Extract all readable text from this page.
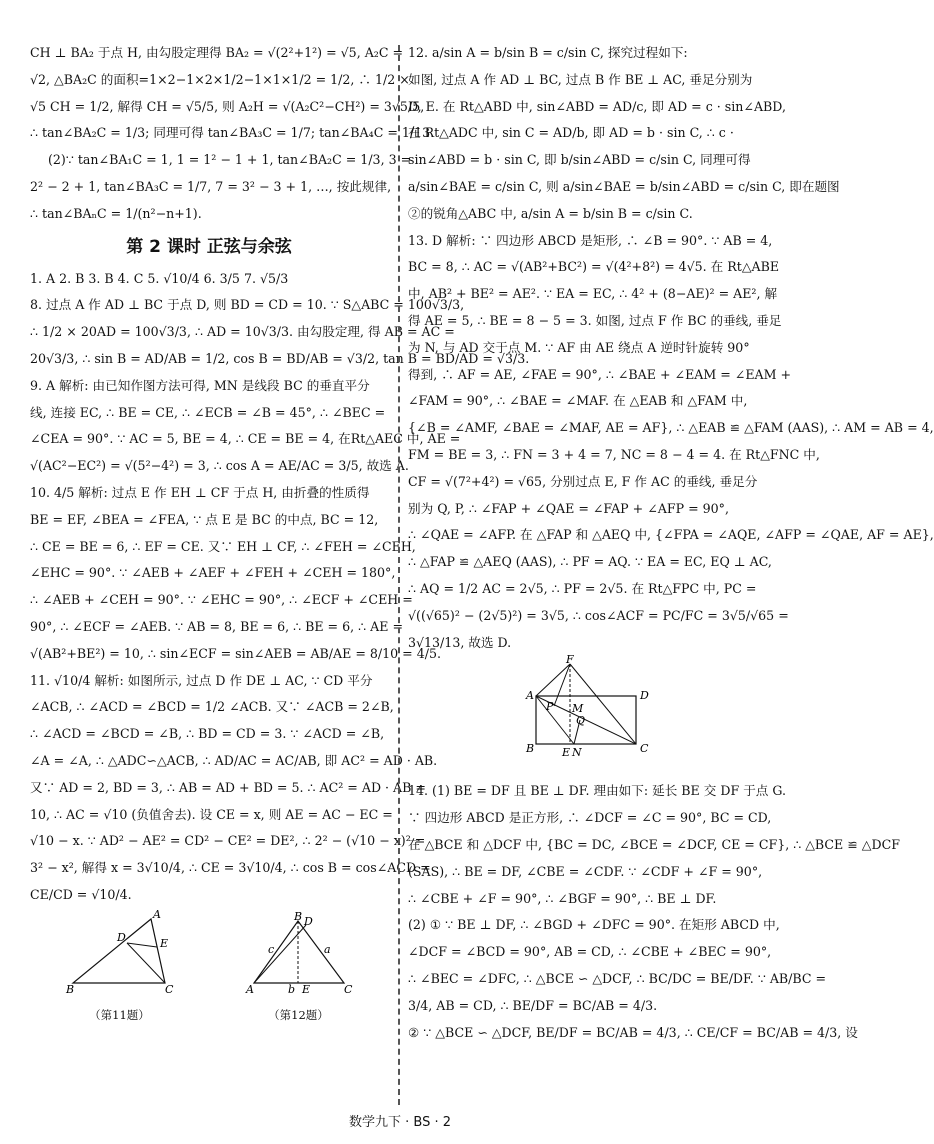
CH ⊥ BA₂ 于点 H, 由勾股定理得 BA₂ = √(2²+1²) = √5, A₂C =
√2, △BA₂C 的面积=1×2−1×2×1/2−1×1×1/2 = 1/2, ∴ 1/2 ×
√5 CH = 1/2, 解得 CH = √5/5, 则 A₂H = √(A₂C²−CH²) = 3√5/5,
∴ tan∠BA₂C = 1/3; 同理可得 tan∠BA₃C = 1/7; tan∠BA₄C = 1/13.
(2)∵ tan∠BA₁C = 1, 1 = 1² − 1 + 1, tan∠BA₂C = 1/3, 3 =
2² − 2 + 1, tan∠BA₃C = 1/7, 7 = 3² − 3 + 1, …, 按此规律,
∴ tan∠BAₙC = 1/(n²−n+1).
第 2 课时 正弦与余弦
1. A 2. B 3. B 4. C 5. √10/4 6. 3/5 7. √5/3
8. 过点 A 作 AD ⊥ BC 于点 D, 则 BD = CD = 10. ∵ S△ABC = 100√3/3,
∴ 1/2 × 20AD = 100√3/3, ∴ AD = 10√3/3. 由勾股定理, 得 AB = AC =
20√3/3, ∴ sin B = AD/AB = 1/2, cos B = BD/AB = √3/2, tan B = BD/AD = √3/3.
9. A 解析: 由已知作图方法可得, MN 是线段 BC 的垂直平分
线, 连接 EC, ∴ BE = CE, ∴ ∠ECB = ∠B = 45°, ∴ ∠BEC =
∠CEA = 90°. ∵ AC = 5, BE = 4, ∴ CE = BE = 4, 在Rt△AEC 中, AE =
√(AC²−EC²) = √(5²−4²) = 3, ∴ cos A = AE/AC = 3/5, 故选 A.
10. 4/5 解析: 过点 E 作 EH ⊥ CF 于点 H, 由折叠的性质得
BE = EF, ∠BEA = ∠FEA, ∵ 点 E 是 BC 的中点, BC = 12,
∴ CE = BE = 6, ∴ EF = CE. 又∵ EH ⊥ CF, ∴ ∠FEH = ∠CEH,
∠EHC = 90°. ∵ ∠AEB + ∠AEF + ∠FEH + ∠CEH = 180°,
∴ ∠AEB + ∠CEH = 90°. ∵ ∠EHC = 90°, ∴ ∠ECF + ∠CEH =
90°, ∴ ∠ECF = ∠AEB. ∵ AB = 8, BE = 6, ∴ BE = 6, ∴ AE =
√(AB²+BE²) = 10, ∴ sin∠ECF = sin∠AEB = AB/AE = 8/10 = 4/5.
11. √10/4 解析: 如图所示, 过点 D 作 DE ⊥ AC, ∵ CD 平分
∠ACB, ∴ ∠ACD = ∠BCD = 1/2 ∠ACB. 又∵ ∠ACB = 2∠B,
∴ ∠ACD = ∠BCD = ∠B, ∴ BD = CD = 3. ∵ ∠ACD = ∠B,
∠A = ∠A, ∴ △ADC∽△ACB, ∴ AD/AC = AC/AB, 即 AC² = AD · AB.
又∵ AD = 2, BD = 3, ∴ AB = AD + BD = 5. ∴ AC² = AD · AB =
10, ∴ AC = √10 (负值舍去). 设 CE = x, 则 AE = AC − EC =
√10 − x. ∵ AD² − AE² = CD² − CE² = DE², ∴ 2² − (√10 − x)² =
3² − x², 解得 x = 3√10/4, ∴ CE = 3√10/4, ∴ cos B = cos∠ACD =
CE/CD = √10/4.
A
B	C
D	E
（第11题）
B D
A	C
c	a
b E
（第12题）
12. a/sin A = b/sin B = c/sin C, 探究过程如下:
如图, 过点 A 作 AD ⊥ BC, 过点 B 作 BE ⊥ AC, 垂足分别为
D, E. 在 Rt△ABD 中, sin∠ABD = AD/c, 即 AD = c · sin∠ABD,
在 Rt△ADC 中, sin C = AD/b, 即 AD = b · sin C, ∴ c ·
sin∠ABD = b · sin C, 即 b/sin∠ABD = c/sin C, 同理可得
a/sin∠BAE = c/sin C, 则 a/sin∠BAE = b/sin∠ABD = c/sin C, 即在题图
②的锐角△ABC 中, a/sin A = b/sin B = c/sin C.
13. D 解析: ∵ 四边形 ABCD 是矩形, ∴ ∠B = 90°. ∵ AB = 4,
BC = 8, ∴ AC = √(AB²+BC²) = √(4²+8²) = 4√5. 在 Rt△ABE
中, AB² + BE² = AE². ∵ EA = EC, ∴ 4² + (8−AE)² = AE², 解
得 AE = 5, ∴ BE = 8 − 5 = 3. 如图, 过点 F 作 BC 的垂线, 垂足
为 N, 与 AD 交于点 M. ∵ AF 由 AE 绕点 A 逆时针旋转 90°
得到, ∴ AF = AE, ∠FAE = 90°, ∴ ∠BAE + ∠EAM = ∠EAM +
∠FAM = 90°, ∴ ∠BAE = ∠MAF. 在 △EAB 和 △FAM 中,
{∠B = ∠AMF, ∠BAE = ∠MAF, AE = AF}, ∴ △EAB ≌ △FAM (AAS), ∴ AM = AB = 4,
FM = BE = 3, ∴ FN = 3 + 4 = 7, NC = 8 − 4 = 4. 在 Rt△FNC 中,
CF = √(7²+4²) = √65, 分别过点 E, F 作 AC 的垂线, 垂足分
别为 Q, P, ∴ ∠FAP + ∠QAE = ∠FAP + ∠AFP = 90°,
∴ ∠QAE = ∠AFP. 在 △FAP 和 △AEQ 中, {∠FPA = ∠AQE, ∠AFP = ∠QAE, AF = AE},
∴ △FAP ≌ △AEQ (AAS), ∴ PF = AQ. ∵ EA = EC, EQ ⊥ AC,
∴ AQ = 1/2 AC = 2√5, ∴ PF = 2√5. 在 Rt△FPC 中, PC =
√((√65)² − (2√5)²) = 3√5, ∴ cos∠ACF = PC/FC = 3√5/√65 =
3√13/13, 故选 D.
F
A	D
B	C
M
P
Q
E N
14. (1) BE = DF 且 BE ⊥ DF. 理由如下: 延长 BE 交 DF 于点 G.
∵ 四边形 ABCD 是正方形, ∴ ∠DCF = ∠C = 90°, BC = CD,
在 △BCE 和 △DCF 中, {BC = DC, ∠BCE = ∠DCF, CE = CF}, ∴ △BCE ≌ △DCF
(SAS), ∴ BE = DF, ∠CBE = ∠CDF. ∵ ∠CDF + ∠F = 90°,
∴ ∠CBE + ∠F = 90°, ∴ ∠BGF = 90°, ∴ BE ⊥ DF.
(2) ① ∵ BE ⊥ DF, ∴ ∠BGD + ∠DFC = 90°. 在矩形 ABCD 中,
∠DCF = ∠BCD = 90°, AB = CD, ∴ ∠CBE + ∠BEC = 90°,
∴ ∠BEC = ∠DFC, ∴ △BCE ∽ △DCF, ∴ BC/DC = BE/DF. ∵ AB/BC =
3/4, AB = CD, ∴ BE/DF = BC/AB = 4/3.
② ∵ △BCE ∽ △DCF, BE/DF = BC/AB = 4/3, ∴ CE/CF = BC/AB = 4/3, 设
数学九下 · BS · 2
